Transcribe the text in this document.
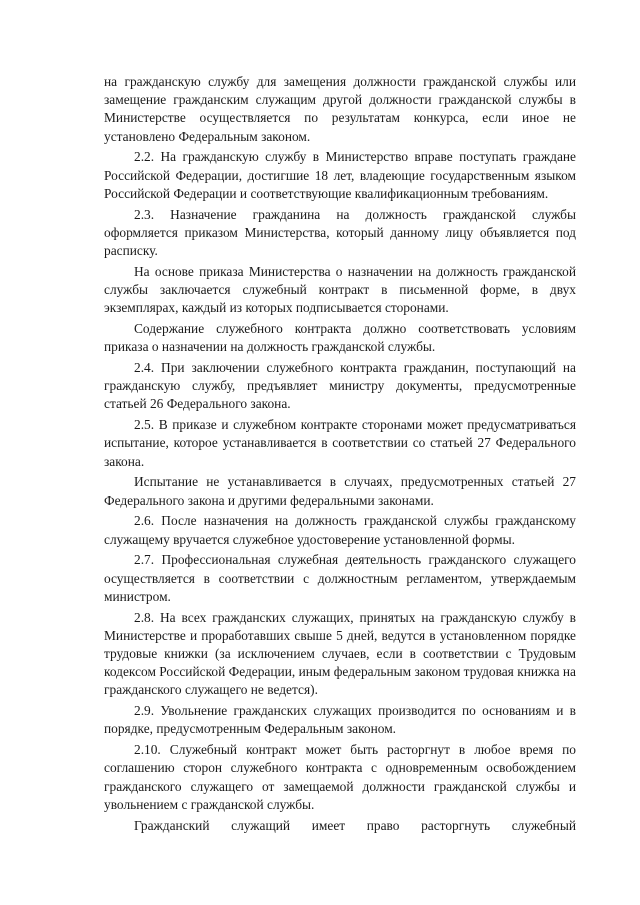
на гражданскую службу для замещения должности гражданской службы или замещение гражданским служащим другой должности гражданской службы в Министерстве осуществляется по результатам конкурса, если иное не установлено Федеральным законом.

2.2. На гражданскую службу в Министерство вправе поступать граждане Российской Федерации, достигшие 18 лет, владеющие государственным языком Российской Федерации и соответствующие квалификационным требованиям.

2.3. Назначение гражданина на должность гражданской службы оформляется приказом Министерства, который данному лицу объявляется под расписку.

На основе приказа Министерства о назначении на должность гражданской службы заключается служебный контракт в письменной форме, в двух экземплярах, каждый из которых подписывается сторонами.

Содержание служебного контракта должно соответствовать условиям приказа о назначении на должность гражданской службы.

2.4. При заключении служебного контракта гражданин, поступающий на гражданскую службу, предъявляет министру документы, предусмотренные статьей 26 Федерального закона.

2.5. В приказе и служебном контракте сторонами может предусматриваться испытание, которое устанавливается в соответствии со статьей 27 Федерального закона.

Испытание не устанавливается в случаях, предусмотренных статьей 27 Федерального закона и другими федеральными законами.

2.6. После назначения на должность гражданской службы гражданскому служащему вручается служебное удостоверение установленной формы.

2.7. Профессиональная служебная деятельность гражданского служащего осуществляется в соответствии с должностным регламентом, утверждаемым министром.

2.8. На всех гражданских служащих, принятых на гражданскую службу в Министерстве и проработавших свыше 5 дней, ведутся в установленном порядке трудовые книжки (за исключением случаев, если в соответствии с Трудовым кодексом Российской Федерации, иным федеральным законом трудовая книжка на гражданского служащего не ведется).

2.9. Увольнение гражданских служащих производится по основаниям и в порядке, предусмотренным Федеральным законом.

2.10. Служебный контракт может быть расторгнут в любое время по соглашению сторон служебного контракта с одновременным освобождением гражданского служащего от замещаемой должности гражданской службы и увольнением с гражданской службы.

Гражданский служащий имеет право расторгнуть служебный
